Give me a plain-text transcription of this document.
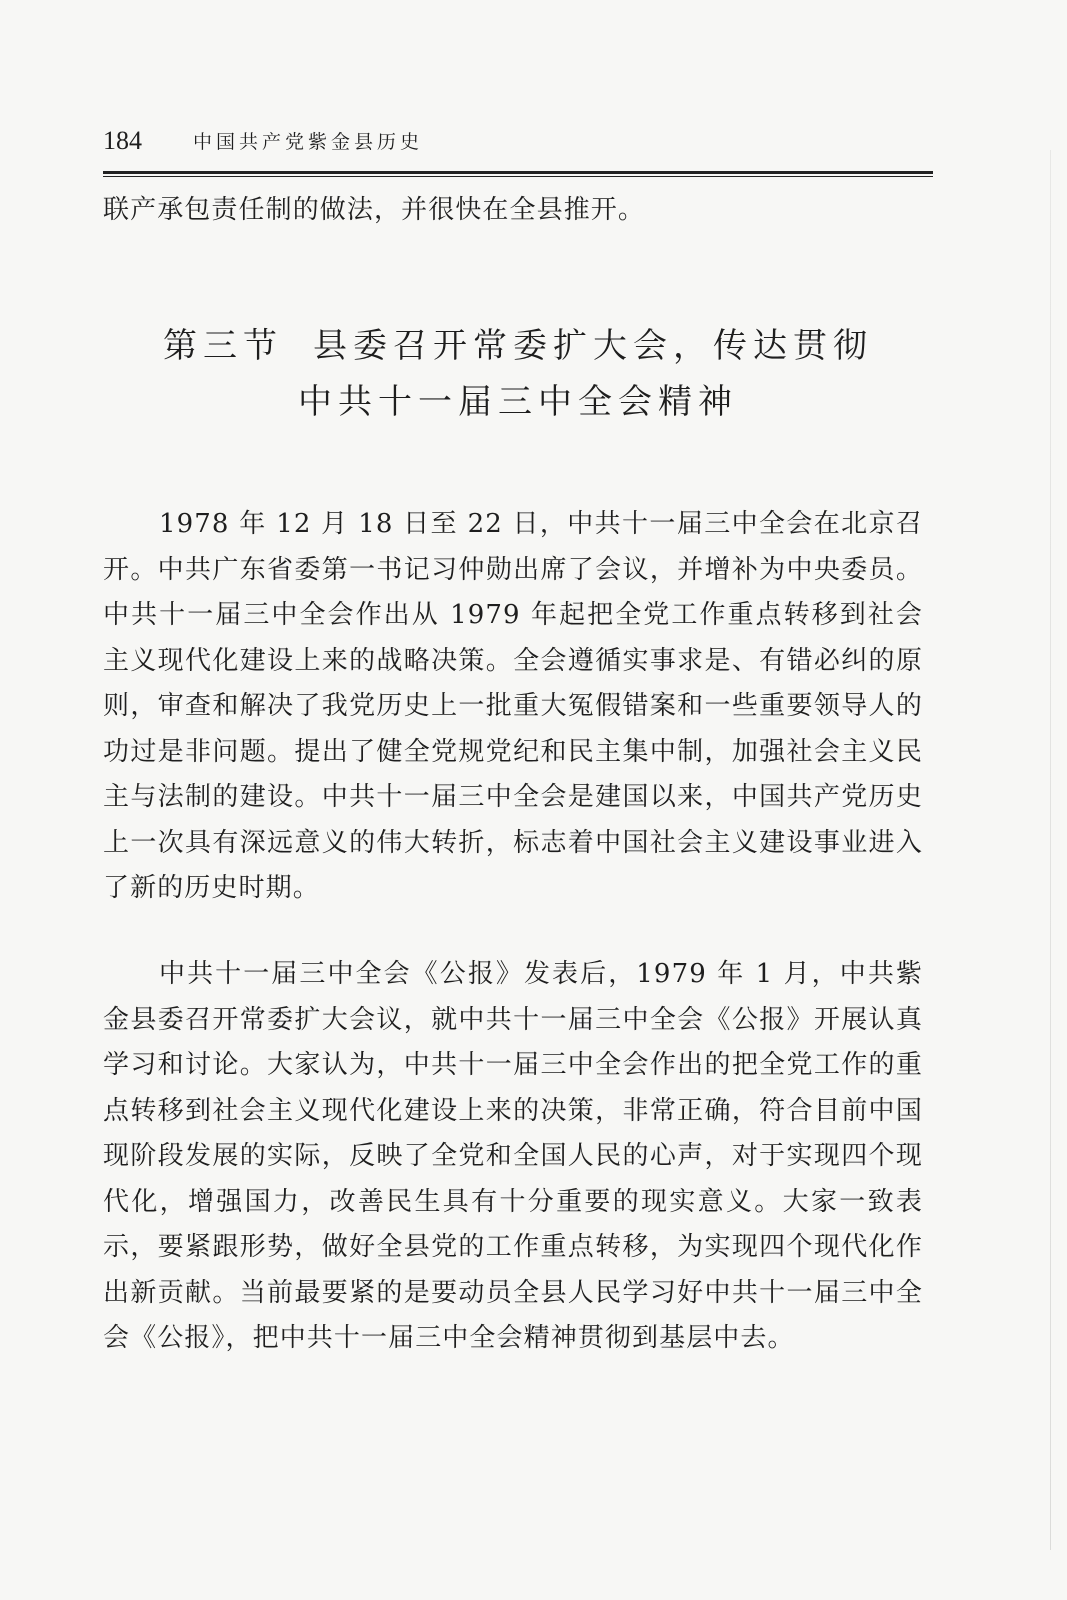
184	中国共产党紫金县历史

联产承包责任制的做法，并很快在全县推开。

第三节 县委召开常委扩大会，传达贯彻
中共十一届三中全会精神

1978 年 12 月 18 日至 22 日，中共十一届三中全会在北京召开。中共广东省委第一书记习仲勋出席了会议，并增补为中央委员。中共十一届三中全会作出从 1979 年起把全党工作重点转移到社会主义现代化建设上来的战略决策。全会遵循实事求是、有错必纠的原则，审查和解决了我党历史上一批重大冤假错案和一些重要领导人的功过是非问题。提出了健全党规党纪和民主集中制，加强社会主义民主与法制的建设。中共十一届三中全会是建国以来，中国共产党历史上一次具有深远意义的伟大转折，标志着中国社会主义建设事业进入了新的历史时期。

中共十一届三中全会《公报》发表后，1979 年 1 月，中共紫金县委召开常委扩大会议，就中共十一届三中全会《公报》开展认真学习和讨论。大家认为，中共十一届三中全会作出的把全党工作的重点转移到社会主义现代化建设上来的决策，非常正确，符合目前中国现阶段发展的实际，反映了全党和全国人民的心声，对于实现四个现代化，增强国力，改善民生具有十分重要的现实意义。大家一致表示，要紧跟形势，做好全县党的工作重点转移，为实现四个现代化作出新贡献。当前最要紧的是要动员全县人民学习好中共十一届三中全会《公报》，把中共十一届三中全会精神贯彻到基层中去。
